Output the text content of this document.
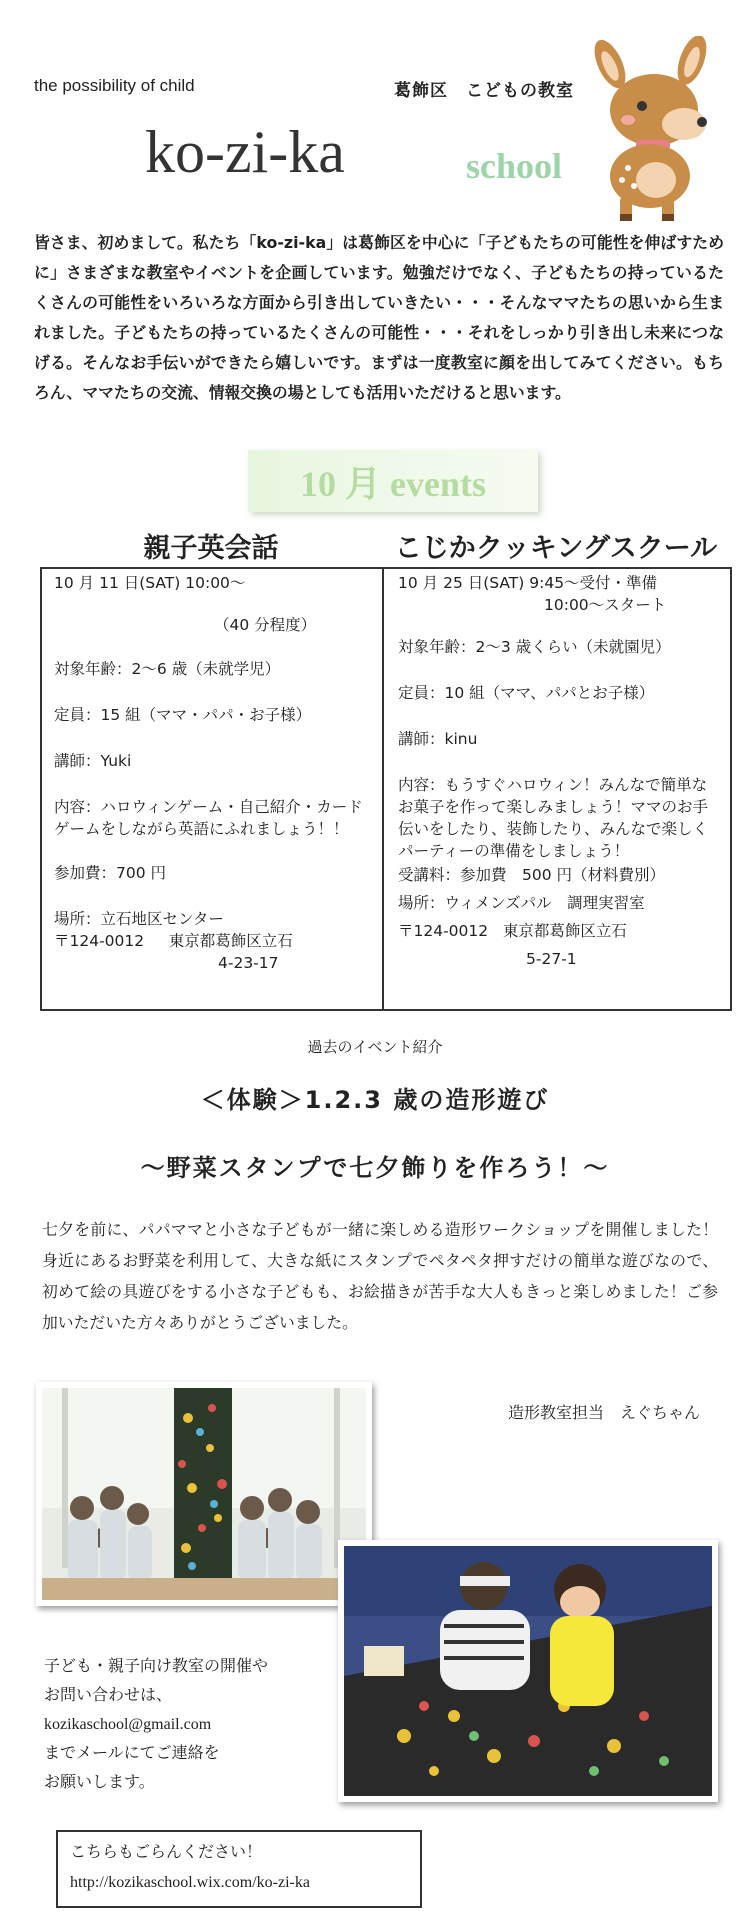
the possibility of child	葛飾区　こどもの教室
ko-zi-ka	school
皆さま、初めまして。私たち「ko-zi-ka」は葛飾区を中心に「子どもたちの可能性を伸ばすために」さまざまな教室やイベントを企画しています。勉強だけでなく、子どもたちの持っているたくさんの可能性をいろいろな方面から引き出していきたい・・・そんなママたちの思いから生まれました。子どもたちの持っているたくさんの可能性・・・それをしっかり引き出し未来につなげる。そんなお手伝いができたら嬉しいです。まずは一度教室に顔を出してみてください。もちろん、ママたちの交流、情報交換の場としても活用いただけると思います。
10 月 events
親子英会話	こじかクッキングスクール

10 月 11 日(SAT) 10:00～

（40 分程度）

対象年齢：2～6 歳（未就学児）

定員：15 組（ママ・パパ・お子様）

講師：Yuki

内容：ハロウィンゲーム・自己紹介・カードゲームをしながら英語にふれましょう！！

参加費：700 円

場所：立石地区センター

〒124-0012 東京都葛飾区立石

4-23-17

10 月 25 日(SAT) 9:45～受付・準備

10:00～スタート

対象年齢：2～3 歳くらい（未就園児）

定員：10 組（ママ、パパとお子様）

講師：kinu

内容：もうすぐハロウィン！みんなで簡単なお菓子を作って楽しみましょう！ママのお手伝いをしたり、装飾したり、みんなで楽しくパーティーの準備をしましょう！

受講料：参加費　500 円（材料費別）

場所：ウィメンズパル　調理実習室

〒124-0012 東京都葛飾区立石

5-27-1

過去のイベント紹介
＜体験＞1.2.3 歳の造形遊び
～野菜スタンプで七夕飾りを作ろう！～
七夕を前に、パパママと小さな子どもが一緒に楽しめる造形ワークショップを開催しました！身近にあるお野菜を利用して、大きな紙にスタンプでペタペタ押すだけの簡単な遊びなので、初めて絵の具遊びをする小さな子どもも、お絵描きが苦手な大人もきっと楽しめました！ご参加いただいた方々ありがとうございました。
造形教室担当　えぐちゃん
子ども・親子向け教室の開催や
お問い合わせは、
kozikaschool@gmail.com
までメールにてご連絡を
お願いします。
こちらもごらんください！
http://kozikaschool.wix.com/ko-zi-ka
